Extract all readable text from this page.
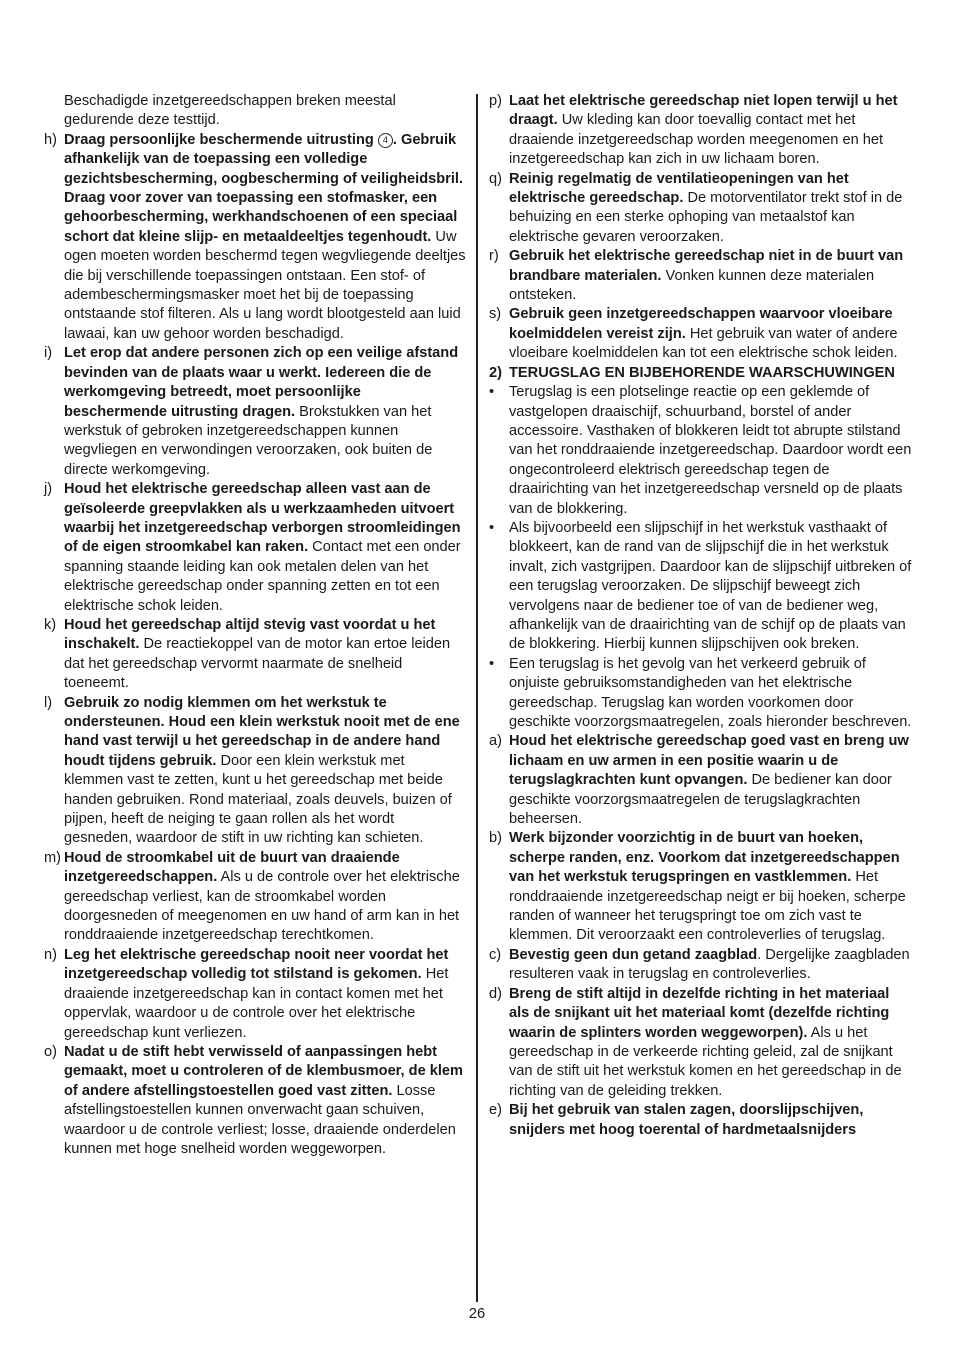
Beschadigde inzetgereedschappen breken meestal gedurende deze testtijd.
h) Draag persoonlijke beschermende uitrusting 4 . Gebruik afhankelijk van de toepassing een volledige gezichtsbescherming, oogbescherming of veiligheidsbril. Draag voor zover van toepassing een stofmasker, een gehoorbescherming, werkhandschoenen of een speciaal schort dat kleine slijp- en metaaldeeltjes tegenhoudt. Uw ogen moeten worden beschermd tegen wegvliegende deeltjes die bij verschillende toepassingen ontstaan. Een stof- of adembeschermingsmasker moet het bij de toepassing ontstaande stof filteren. Als u lang wordt blootgesteld aan luid lawaai, kan uw gehoor worden beschadigd.
i) Let erop dat andere personen zich op een veilige afstand bevinden van de plaats waar u werkt. Iedereen die de werkomgeving betreedt, moet persoonlijke beschermende uitrusting dragen. Brokstukken van het werkstuk of gebroken inzetgereedschappen kunnen wegvliegen en verwondingen veroorzaken, ook buiten de directe werkomgeving.
j) Houd het elektrische gereedschap alleen vast aan de geïsoleerde greepvlakken als u werkzaamheden uitvoert waarbij het inzetgereedschap verborgen stroomleidingen of de eigen stroomkabel kan raken. Contact met een onder spanning staande leiding kan ook metalen delen van het elektrische gereedschap onder spanning zetten en tot een elektrische schok leiden.
k) Houd het gereedschap altijd stevig vast voordat u het inschakelt. De reactiekoppel van de motor kan ertoe leiden dat het gereedschap vervormt naarmate de snelheid toeneemt.
l) Gebruik zo nodig klemmen om het werkstuk te ondersteunen. Houd een klein werkstuk nooit met de ene hand vast terwijl u het gereedschap in de andere hand houdt tijdens gebruik. Door een klein werkstuk met klemmen vast te zetten, kunt u het gereedschap met beide handen gebruiken. Rond materiaal, zoals deuvels, buizen of pijpen, heeft de neiging te gaan rollen als het wordt gesneden, waardoor de stift in uw richting kan schieten.
m) Houd de stroomkabel uit de buurt van draaiende inzetgereedschappen. Als u de controle over het elektrische gereedschap verliest, kan de stroomkabel worden doorgesneden of meegenomen en uw hand of arm kan in het ronddraaiende inzetgereedschap terechtkomen.
n) Leg het elektrische gereedschap nooit neer voordat het inzetgereedschap volledig tot stilstand is gekomen. Het draaiende inzetgereedschap kan in contact komen met het oppervlak, waardoor u de controle over het elektrische gereedschap kunt verliezen.
o) Nadat u de stift hebt verwisseld of aanpassingen hebt gemaakt, moet u controleren of de klembusmoer, de klem of andere afstellingstoestellen goed vast zitten. Losse afstellingstoestellen kunnen onverwacht gaan schuiven, waardoor u de controle verliest; losse, draaiende onderdelen kunnen met hoge snelheid worden weggeworpen.
p) Laat het elektrische gereedschap niet lopen terwijl u het draagt. Uw kleding kan door toevallig contact met het draaiende inzetgereedschap worden meegenomen en het inzetgereedschap kan zich in uw lichaam boren.
q) Reinig regelmatig de ventilatieopeningen van het elektrische gereedschap. De motorventilator trekt stof in de behuizing en een sterke ophoping van metaalstof kan elektrische gevaren veroorzaken.
r) Gebruik het elektrische gereedschap niet in de buurt van brandbare materialen. Vonken kunnen deze materialen ontsteken.
s) Gebruik geen inzetgereedschappen waarvoor vloeibare koelmiddelen vereist zijn. Het gebruik van water of andere vloeibare koelmiddelen kan tot een elektrische schok leiden.
2) TERUGSLAG EN BIJBEHORENDE WAARSCHUWINGEN
•	Terugslag is een plotselinge reactie op een geklemde of vastgelopen draaischijf, schuurband, borstel of ander accessoire. Vasthaken of blokkeren leidt tot abrupte stilstand van het ronddraaiende inzetgereedschap. Daardoor wordt een ongecontroleerd elektrisch gereedschap tegen de draairichting van het inzetgereedschap versneld op de plaats van de blokkering.
•	Als bijvoorbeeld een slijpschijf in het werkstuk vasthaakt of blokkeert, kan de rand van de slijpschijf die in het werkstuk invalt, zich vastgrijpen. Daardoor kan de slijpschijf uitbreken of een terugslag veroorzaken. De slijpschijf beweegt zich vervolgens naar de bediener toe of van de bediener weg, afhankelijk van de draairichting van de schijf op de plaats van de blokkering. Hierbij kunnen slijpschijven ook breken.
•	Een terugslag is het gevolg van het verkeerd gebruik of onjuiste gebruiksomstandigheden van het elektrische gereedschap. Terugslag kan worden voorkomen door geschikte voorzorgsmaatregelen, zoals hieronder beschreven.
a) Houd het elektrische gereedschap goed vast en breng uw lichaam en uw armen in een positie waarin u de terugslagkrachten kunt opvangen. De bediener kan door geschikte voorzorgsmaatregelen de terugslagkrachten beheersen.
b) Werk bijzonder voorzichtig in de buurt van hoeken, scherpe randen, enz. Voorkom dat inzetgereedschappen van het werkstuk terugspringen en vastklemmen. Het ronddraaiende inzetgereedschap neigt er bij hoeken, scherpe randen of wanneer het terugspringt toe om zich vast te klemmen. Dit veroorzaakt een controleverlies of terugslag.
c) Bevestig geen dun getand zaagblad. Dergelijke zaagbladen resulteren vaak in terugslag en controleverlies.
d) Breng de stift altijd in dezelfde richting in het materiaal als de snijkant uit het materiaal komt (dezelfde richting waarin de splinters worden weggeworpen). Als u het gereedschap in de verkeerde richting geleid, zal de snijkant van de stift uit het werkstuk komen en het gereedschap in de richting van de geleiding trekken.
e) Bij het gebruik van stalen zagen, doorslijpschijven, snijders met hoog toerental of hardmetaalsnijders
26
